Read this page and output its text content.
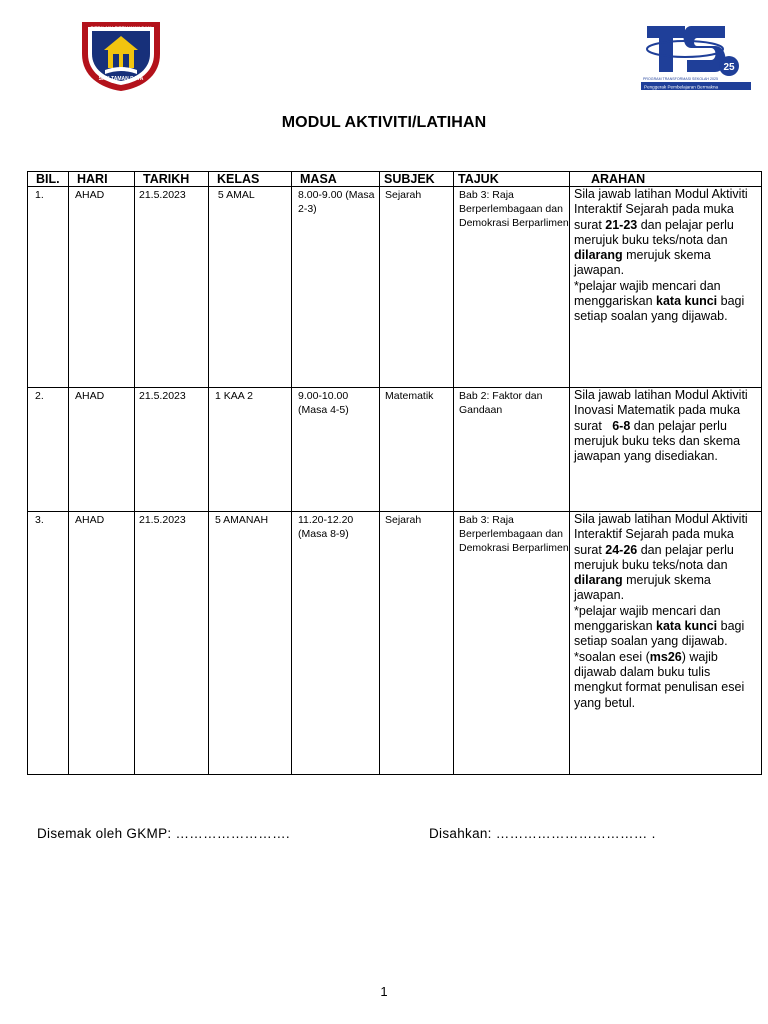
BERILMU BERWAWASAN
SMK TAMAN DAYA
25
PROGRAM TRANSFORMASI SEKOLAH 2025
Penggerak Pembelajaran Bermakna
MODUL AKTIVITI/LATIHAN
BIL.	HARI	TARIKH	KELAS	MASA	SUBJEK	TAJUK	ARAHAN
1.	AHAD	21.5.2023	5 AMAL	8.00-9.00 (Masa 2-3)	Sejarah	Bab 3: Raja Berperlembagaan dan Demokrasi Berparlimen	Sila jawab latihan Modul Aktiviti Interaktif Sejarah pada muka surat 21-23 dan pelajar perlu merujuk buku teks/nota dan dilarang merujuk skema jawapan.
*pelajar wajib mencari dan menggariskan kata kunci bagi setiap soalan yang dijawab.
2.	AHAD	21.5.2023	1 KAA 2	9.00-10.00 (Masa 4-5)	Matematik	Bab 2: Faktor dan Gandaan	Sila jawab latihan Modul Aktiviti Inovasi Matematik pada muka surat   6-8 dan pelajar perlu merujuk buku teks dan skema jawapan yang disediakan.
3.	AHAD	21.5.2023	5 AMANAH	11.20-12.20 (Masa 8-9)	Sejarah	Bab 3: Raja Berperlembagaan dan Demokrasi Berparlimen	Sila jawab latihan Modul Aktiviti Interaktif Sejarah pada muka surat 24-26 dan pelajar perlu merujuk buku teks/nota dan dilarang merujuk skema jawapan.
*pelajar wajib mencari dan menggariskan kata kunci bagi setiap soalan yang dijawab.
*soalan esei (ms26) wajib dijawab dalam buku tulis mengkut format penulisan esei yang betul.
Disemak oleh GKMP: …………………….	Disahkan: …………………………… .
1
